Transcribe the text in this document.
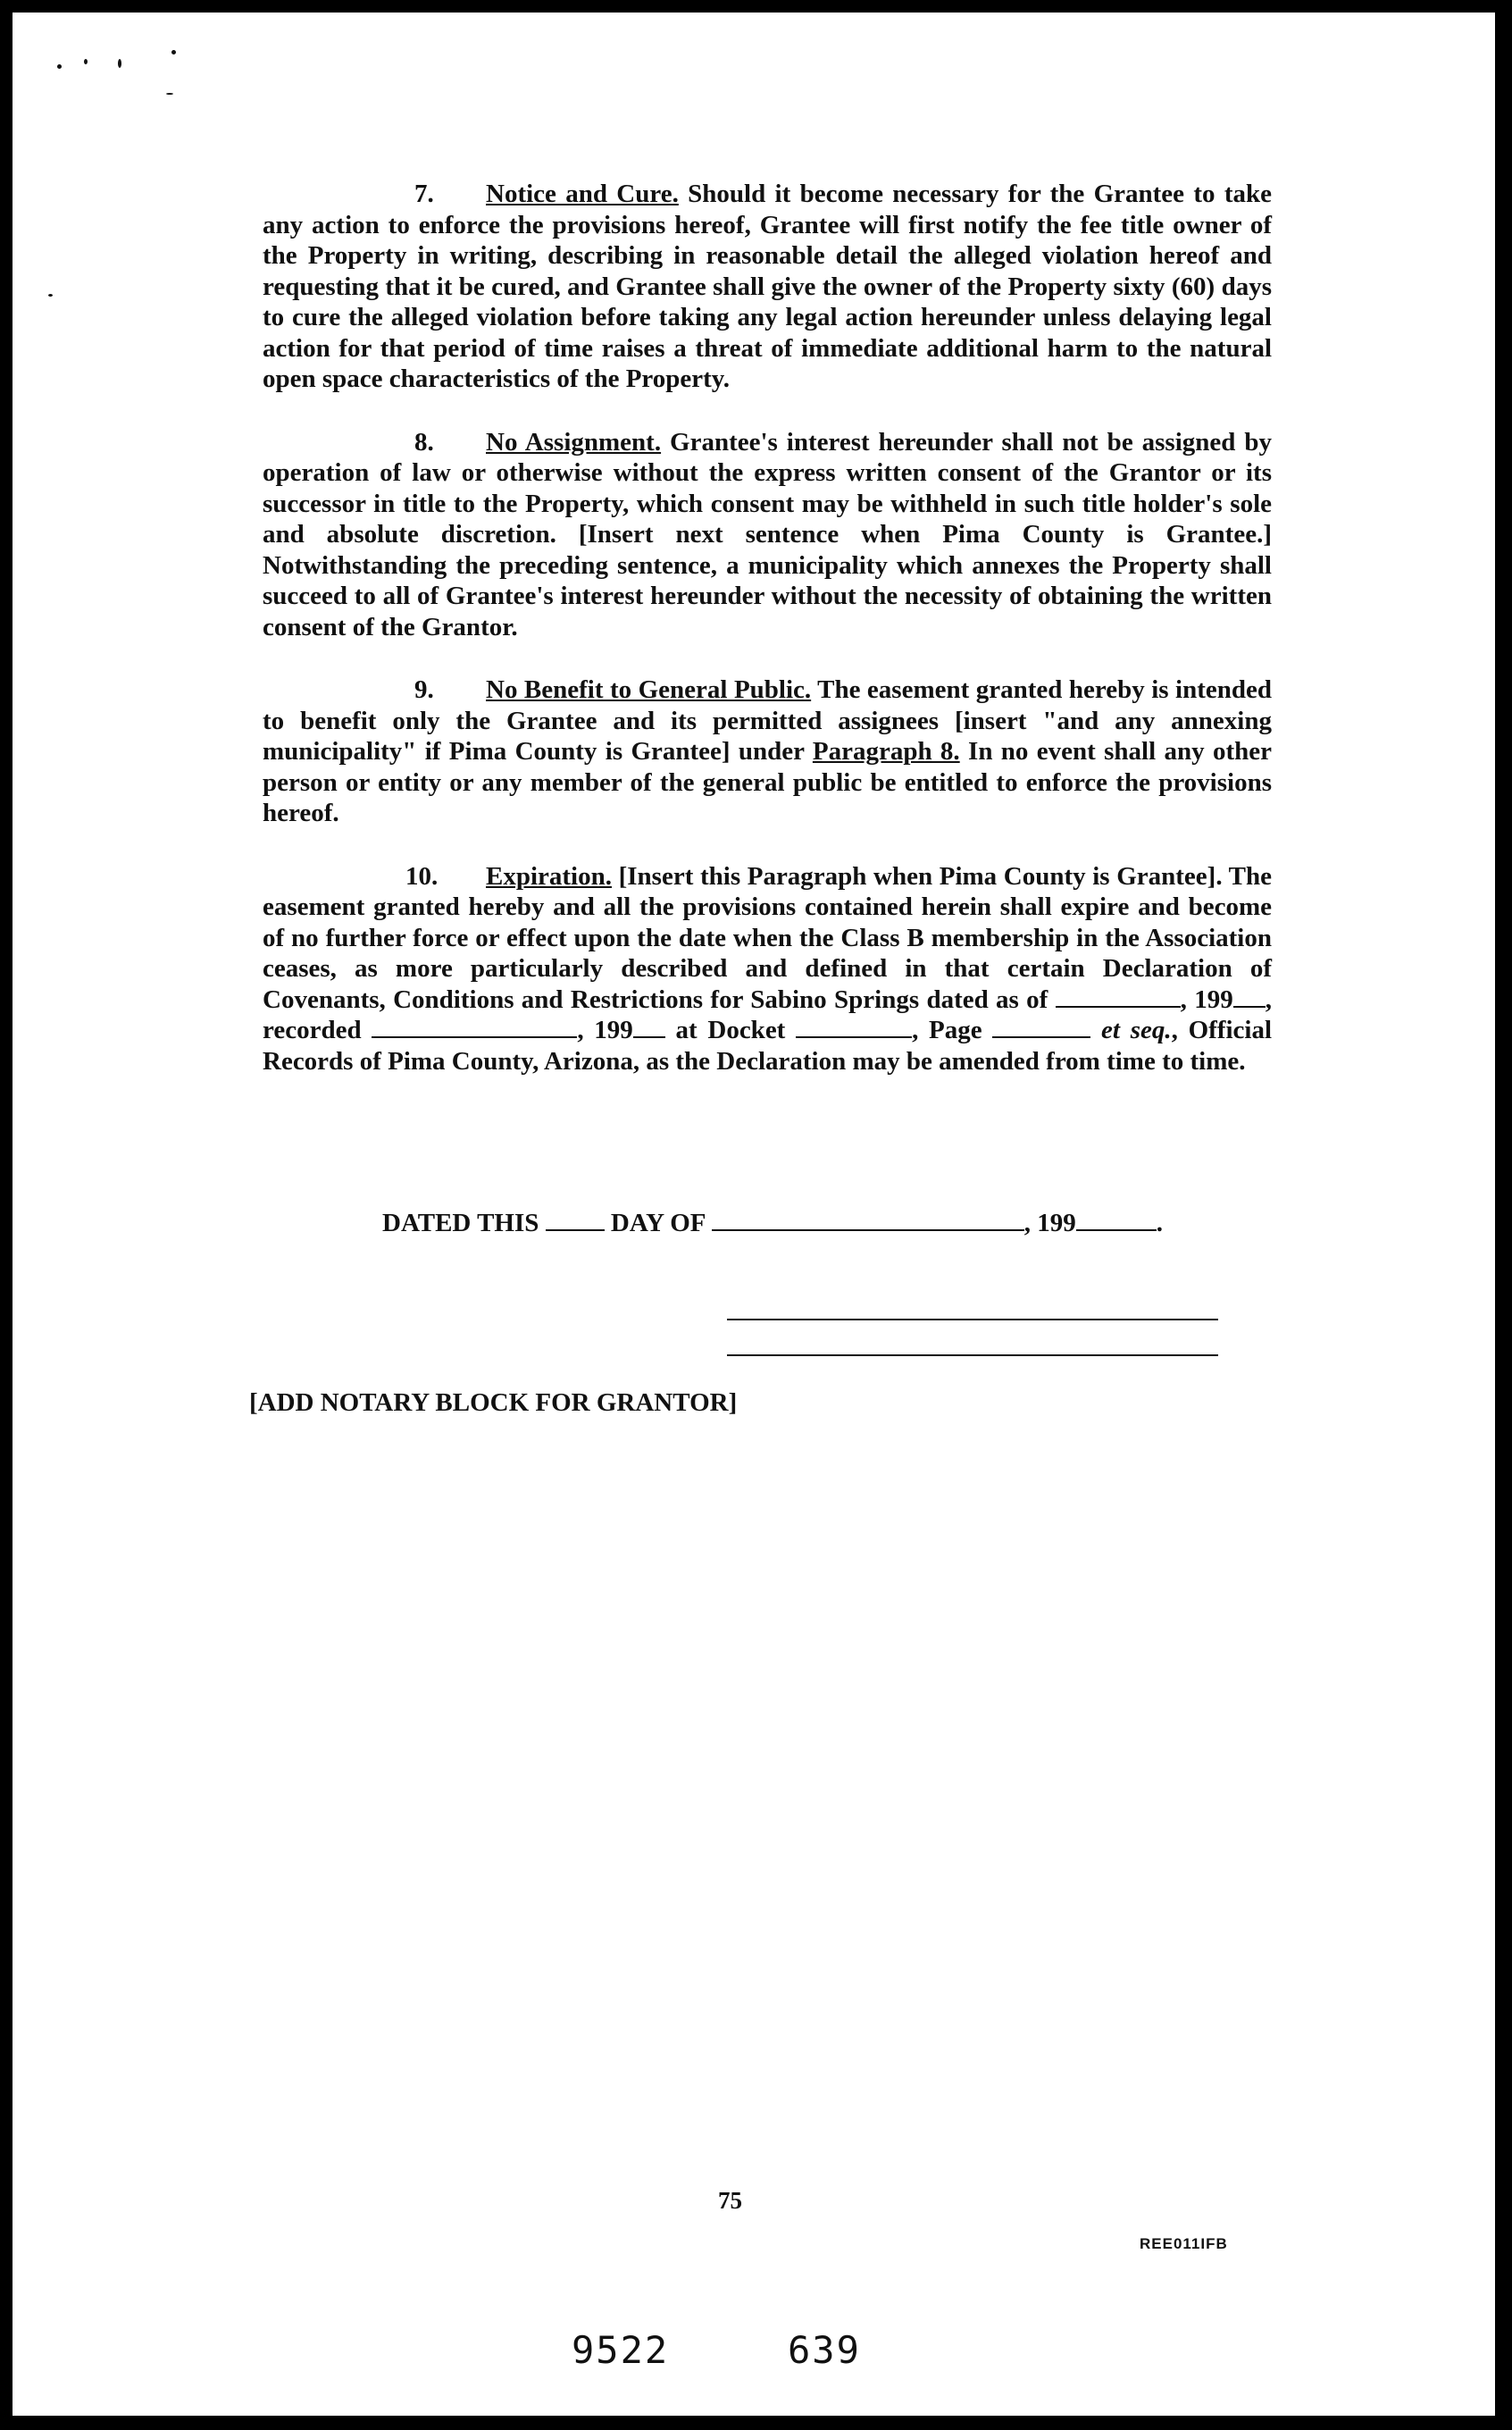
7. Notice and Cure. Should it become necessary for the Grantee to take any action to enforce the provisions hereof, Grantee will first notify the fee title owner of the Property in writing, describing in reasonable detail the alleged violation hereof and requesting that it be cured, and Grantee shall give the owner of the Property sixty (60) days to cure the alleged violation before taking any legal action hereunder unless delaying legal action for that period of time raises a threat of immediate additional harm to the natural open space characteristics of the Property.

8. No Assignment. Grantee's interest hereunder shall not be assigned by operation of law or otherwise without the express written consent of the Grantor or its successor in title to the Property, which consent may be withheld in such title holder's sole and absolute discretion. [Insert next sentence when Pima County is Grantee.] Notwithstanding the preceding sentence, a municipality which annexes the Property shall succeed to all of Grantee's interest hereunder without the necessity of obtaining the written consent of the Grantor.

9. No Benefit to General Public. The easement granted hereby is intended to benefit only the Grantee and its permitted assignees [insert "and any annexing municipality" if Pima County is Grantee] under Paragraph 8. In no event shall any other person or entity or any member of the general public be entitled to enforce the provisions hereof.

10. Expiration. [Insert this Paragraph when Pima County is Grantee]. The easement granted hereby and all the provisions contained herein shall expire and become of no further force or effect upon the date when the Class B membership in the Association ceases, as more particularly described and defined in that certain Declaration of Covenants, Conditions and Restrictions for Sabino Springs dated as of	, 199 , recorded	, 199 at Docket	, Page	et seq., Official Records of Pima County, Arizona, as the Declaration may be amended from time to time.

DATED THIS  DAY OF	, 199	.
[ADD NOTARY BLOCK FOR GRANTOR]
75
REE011IFB
9522	639
